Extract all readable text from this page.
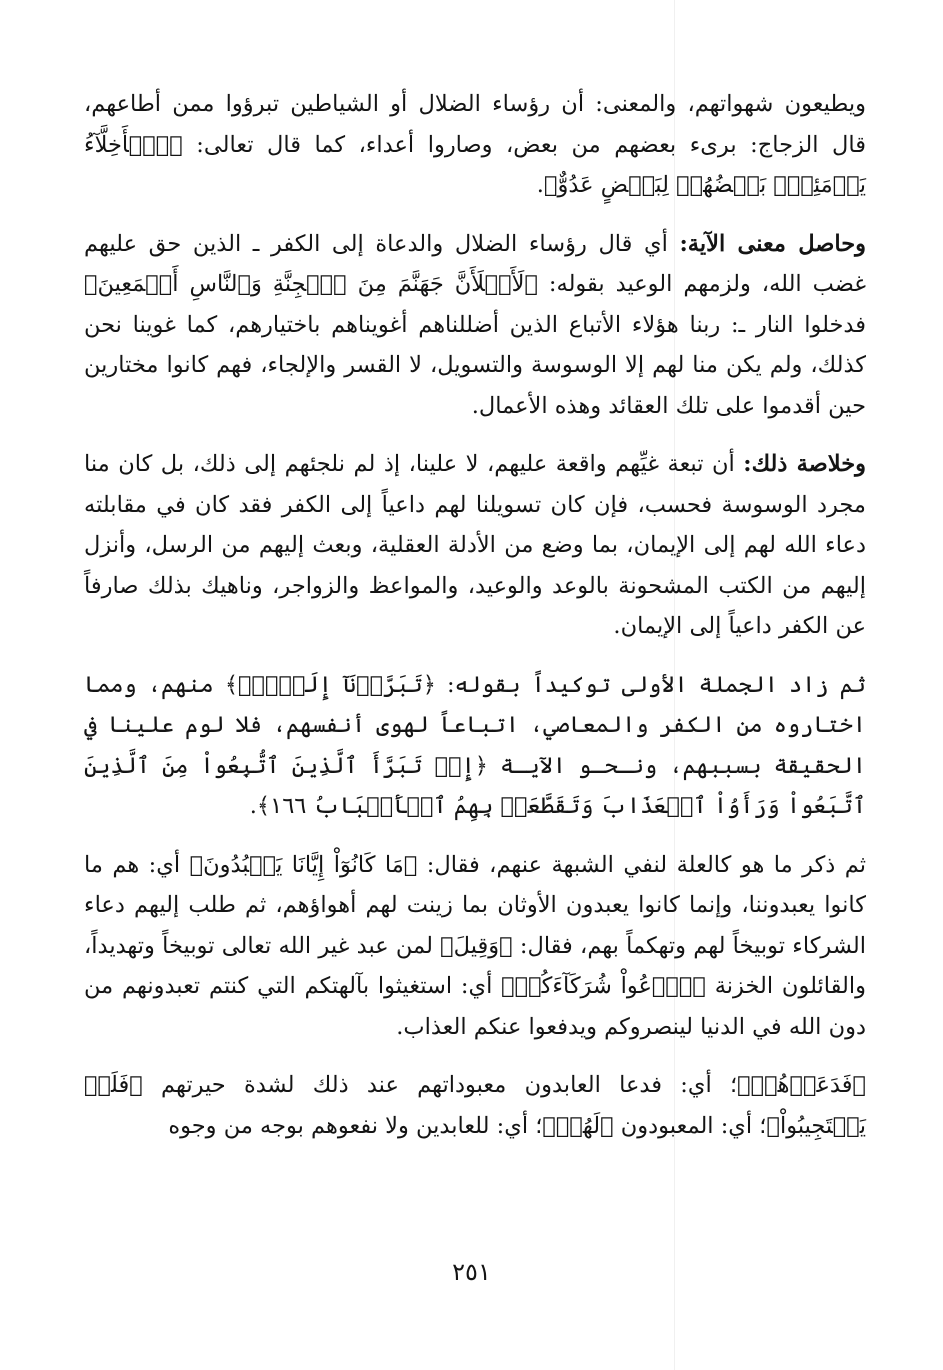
ويطيعون شهواتهم، والمعنى: أن رؤساء الضلال أو الشياطين تبرؤوا ممن أطاعهم، قال الزجاج: برىء بعضهم من بعض، وصاروا أعداء، كما قال تعالى: ﴿ٱلۡأَخِلَّآءُ يَوۡمَئِذِۭ بَعۡضُهُمۡ لِبَعۡضٍ عَدُوٌّ﴾.

وحاصل معنى الآية: أي قال رؤساء الضلال والدعاة إلى الكفر ـ الذين حق عليهم غضب الله، ولزمهم الوعيد بقوله: ﴿لَأَمۡلَأَنَّ جَهَنَّمَ مِنَ ٱلۡجِنَّةِ وَٱلنَّاسِ أَجۡمَعِينَ﴾ فدخلوا النار ـ: ربنا هؤلاء الأتباع الذين أضللناهم أغويناهم باختيارهم، كما غوينا نحن كذلك، ولم يكن منا لهم إلا الوسوسة والتسويل، لا القسر والإلجاء، فهم كانوا مختارين حين أقدموا على تلك العقائد وهذه الأعمال.

وخلاصة ذلك: أن تبعة غيِّهم واقعة عليهم، لا علينا، إذ لم نلجئهم إلى ذلك، بل كان منا مجرد الوسوسة فحسب، فإن كان تسويلنا لهم داعياً إلى الكفر فقد كان في مقابلته دعاء الله لهم إلى الإيمان، بما وضع من الأدلة العقلية، وبعث إليهم من الرسل، وأنزل إليهم من الكتب المشحونة بالوعد والوعيد، والمواعظ والزواجر، وناهيك بذلك صارفاً عن الكفر داعياً إلى الإيمان.

ثم زاد الجملة الأولى توكيداً بقوله: ﴿تَبَرَّأۡنَآ إِلَيۡكَۖ﴾ منهم، ومما اختاروه من الكفر والمعاصي، اتباعاً لهوى أنفسهم، فلا لوم علينا في الحقيقة بسببهم، ونـحـو الآيـة ﴿إِذۡ تَبَرَّأَ ٱلَّذِينَ ٱتُّبِعُواْ مِنَ ٱلَّذِينَ ٱتَّبَعُواْ وَرَأَوُاْ ٱلۡعَذَابَ وَتَقَطَّعَتۡ بِهِمُ ٱلۡأَسۡبَابُ ١٦٦﴾.

ثم ذكر ما هو كالعلة لنفي الشبهة عنهم، فقال: ﴿مَا كَانُوٓاْ إِيَّانَا يَعۡبُدُونَ﴾ أي: هم ما كانوا يعبدوننا، وإنما كانوا يعبدون الأوثان بما زينت لهم أهواؤهم، ثم طلب إليهم دعاء الشركاء توبيخاً لهم وتهكماً بهم، فقال: ﴿وَقِيلَ﴾ لمن عبد غير الله تعالى توبيخاً وتهديداً، والقائلون الخزنة ﴿ٱدۡعُواْ شُرَكَآءَكُمۡ﴾ أي: استغيثوا بآلهتكم التي كنتم تعبدونهم من دون الله في الدنيا لينصروكم ويدفعوا عنكم العذاب.

﴿فَدَعَوۡهُمۡ﴾؛ أي: فدعا العابدون معبوداتهم عند ذلك لشدة حيرتهم ﴿فَلَمۡ يَسۡتَجِيبُواْ﴾؛ أي: المعبودون ﴿لَهُمۡ﴾؛ أي: للعابدين ولا نفعوهم بوجه من وجوه

٢٥١
